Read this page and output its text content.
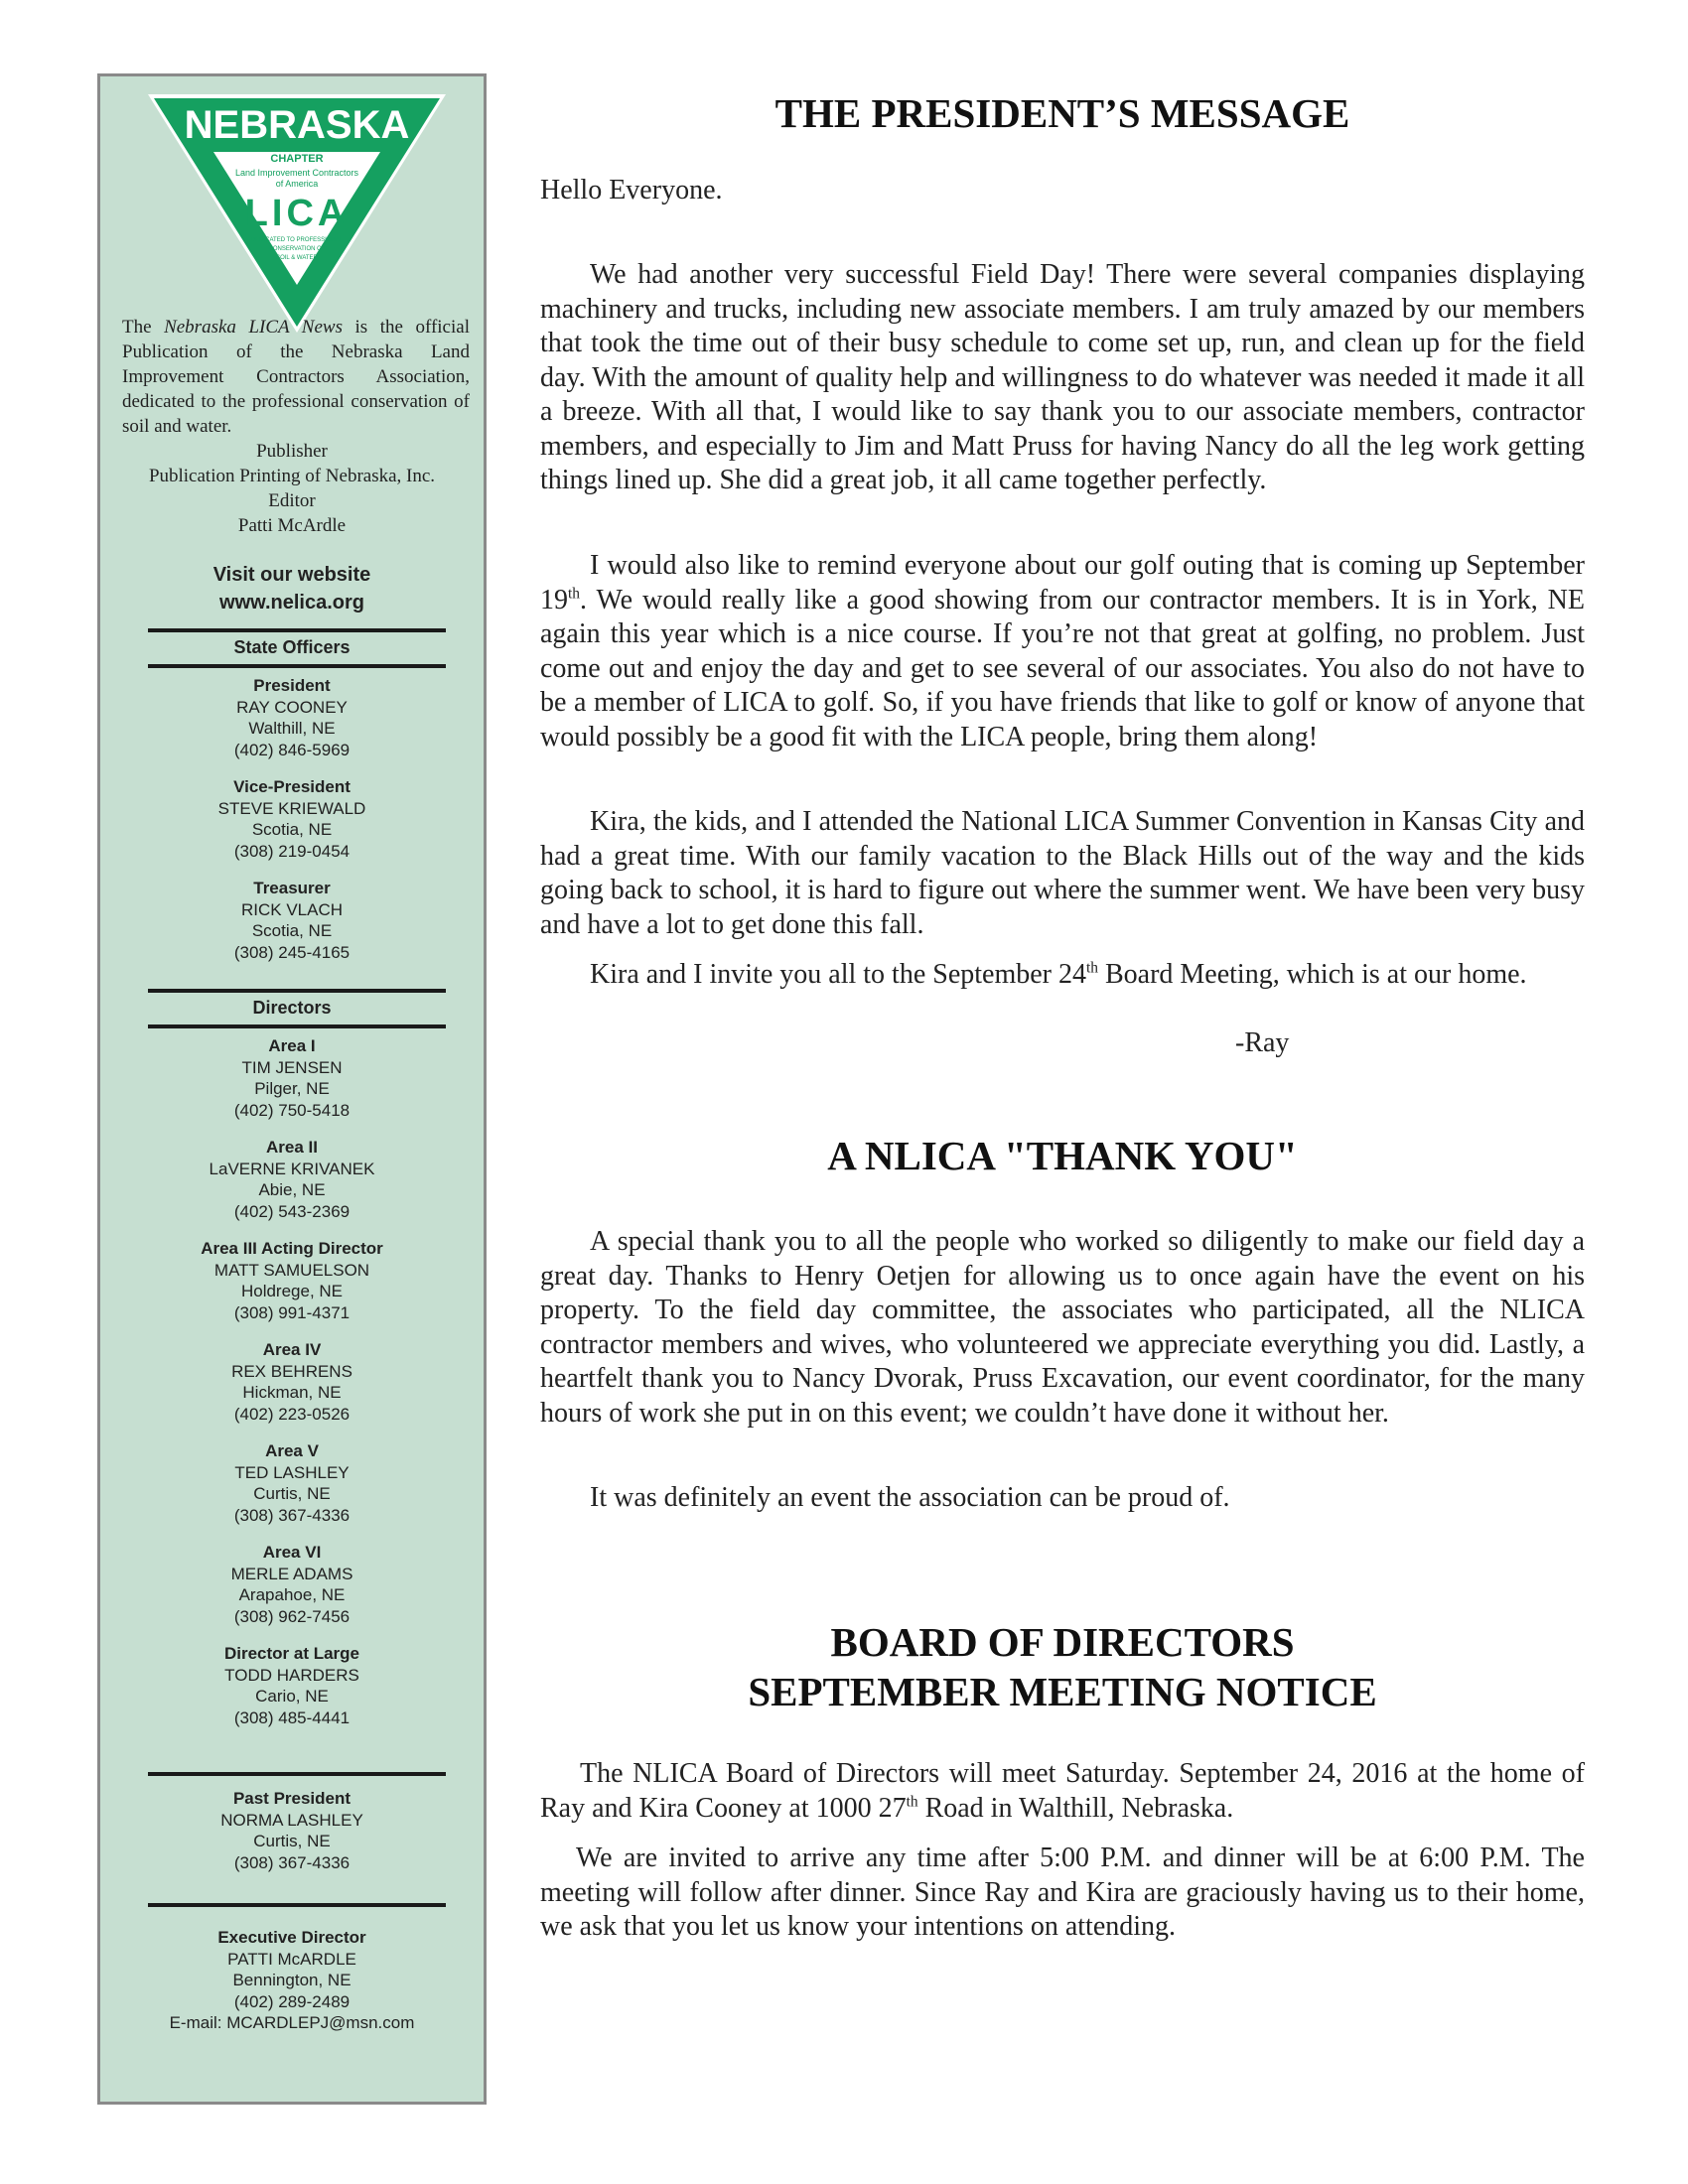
NEBRASKA
CHAPTER
Land Improvement Contractors
of America
LICA
DEDICATED TO PROFESSIONAL
CONSERVATION OF
SOIL & WATER
The Nebraska LICA News is the official Publication of the Nebraska Land Improvement Contractors Association, dedicated to the professional conservation of soil and water.
Publisher
Publication Printing of Nebraska, Inc.
Editor
Patti McArdle
Visit our website
www.nelica.org
State Officers
President
RAY COONEY
Walthill, NE
(402) 846-5969
Vice-President
STEVE KRIEWALD
Scotia, NE
(308) 219-0454
Treasurer
RICK VLACH
Scotia, NE
(308) 245-4165
Directors
Area I
TIM JENSEN
Pilger, NE
(402) 750-5418
Area II
LaVERNE KRIVANEK
Abie, NE
(402) 543-2369
Area III Acting Director
MATT SAMUELSON
Holdrege, NE
(308) 991-4371
Area IV
REX BEHRENS
Hickman, NE
(402) 223-0526
Area V
TED LASHLEY
Curtis, NE
(308) 367-4336
Area VI
MERLE ADAMS
Arapahoe, NE
(308) 962-7456
Director at Large
TODD HARDERS
Cario, NE
(308) 485-4441
Past President
NORMA LASHLEY
Curtis, NE
(308) 367-4336
Executive Director
PATTI McARDLE
Bennington, NE
(402) 289-2489
E-mail: MCARDLEPJ@msn.com
THE PRESIDENT’S MESSAGE

Hello Everyone.

We had another very successful Field Day! There were several companies displaying machinery and trucks, including new associate members. I am truly amazed by our members that took the time out of their busy schedule to come set up, run, and clean up for the field day. With the amount of quality help and willingness to do whatever was needed it made it all a breeze. With all that, I would like to say thank you to our associate members, contractor members, and especially to Jim and Matt Pruss for having Nancy do all the leg work getting things lined up. She did a great job, it all came together perfectly.

I would also like to remind everyone about our golf outing that is coming up September 19th. We would really like a good showing from our contractor members. It is in York, NE again this year which is a nice course. If you’re not that great at golfing, no problem. Just come out and enjoy the day and get to see several of our associates. You also do not have to be a member of LICA to golf. So, if you have friends that like to golf or know of anyone that would possibly be a good fit with the LICA people, bring them along!

Kira, the kids, and I attended the National LICA Summer Convention in Kansas City and had a great time. With our family vacation to the Black Hills out of the way and the kids going back to school, it is hard to figure out where the summer went. We have been very busy and have a lot to get done this fall.

Kira and I invite you all to the September 24th Board Meeting, which is at our home.

-Ray

A NLICA "THANK YOU"

A special thank you to all the people who worked so diligently to make our field day a great day. Thanks to Henry Oetjen for allowing us to once again have the event on his property. To the field day committee, the associates who participated, all the NLICA contractor members and wives, who volunteered we appreciate everything you did. Lastly, a heartfelt thank you to Nancy Dvorak, Pruss Excavation, our event coordinator, for the many hours of work she put in on this event; we couldn’t have done it without her.

It was definitely an event the association can be proud of.

BOARD OF DIRECTORS
SEPTEMBER MEETING NOTICE

The NLICA Board of Directors will meet Saturday. September 24, 2016 at the home of Ray and Kira Cooney at 1000 27th Road in Walthill, Nebraska.

We are invited to arrive any time after 5:00 P.M. and dinner will be at 6:00 P.M. The meeting will follow after dinner. Since Ray and Kira are graciously having us to their home, we ask that you let us know your intentions on attending.
